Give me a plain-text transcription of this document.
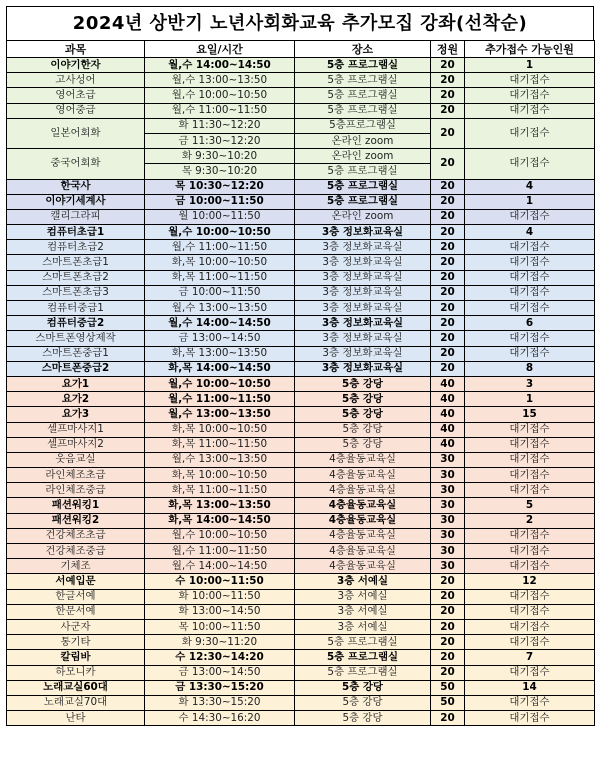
2024년 상반기 노년사회화교육 추가모집 강좌(선착순)
과목	요일/시간	장소	정원	추가접수 가능인원
이야기한자	월,수 14:00~14:50	5층 프로그램실	20	1
고사성어	월,수 13:00~13:50	5층 프로그램실	20	대기접수
영어초급	월,수 10:00~10:50	5층 프로그램실	20	대기접수
영어중급	월,수 11:00~11:50	5층 프로그램실	20	대기접수
일본어회화	화 11:30~12:20	5층프로그램실	20	대기접수
	금 11:30~12:20	온라인 zoom		
중국어회화	화 9:30~10:20	온라인 zoom	20	대기접수
	목 9:30~10:20	5층 프로그램실		
한국사	목 10:30~12:20	5층 프로그램실	20	4
이야기세계사	금 10:00~11:50	5층 프로그램실	20	1
캘리그라피	월 10:00~11:50	온라인 zoom	20	대기접수
컴퓨터초급1	월,수 10:00~10:50	3층 정보화교육실	20	4
컴퓨터초급2	월,수 11:00~11:50	3층 정보화교육실	20	대기접수
스마트폰초급1	화,목 10:00~10:50	3층 정보화교육실	20	대기접수
스마트폰초급2	화,목 11:00~11:50	3층 정보화교육실	20	대기접수
스마트폰초급3	금 10:00~11:50	3층 정보화교육실	20	대기접수
컴퓨터중급1	월,수 13:00~13:50	3층 정보화교육실	20	대기접수
컴퓨터중급2	월,수 14:00~14:50	3층 정보화교육실	20	6
스마트폰영상제작	금 13:00~14:50	3층 정보화교육실	20	대기접수
스마트폰중급1	화,목 13:00~13:50	3층 정보화교육실	20	대기접수
스마트폰중급2	화,목 14:00~14:50	3층 정보화교육실	20	8
요가1	월,수 10:00~10:50	5층 강당	40	3
요가2	월,수 11:00~11:50	5층 강당	40	1
요가3	월,수 13:00~13:50	5층 강당	40	15
셀프마사지1	화,목 10:00~10:50	5층 강당	40	대기접수
셀프마사지2	화,목 11:00~11:50	5층 강당	40	대기접수
웃음교실	월,수 13:00~13:50	4층율동교육실	30	대기접수
라인체조초급	화,목 10:00~10:50	4층율동교육실	30	대기접수
라인체조중급	화,목 11:00~11:50	4층율동교육실	30	대기접수
패션워킹1	화,목 13:00~13:50	4층율동교육실	30	5
패션워킹2	화,목 14:00~14:50	4층율동교육실	30	2
건강체조초급	월,수 10:00~10:50	4층율동교육실	30	대기접수
건강체조중급	월,수 11:00~11:50	4층율동교육실	30	대기접수
기체조	월,수 14:00~14:50	4층율동교육실	30	대기접수
서예입문	수 10:00~11:50	3층 서예실	20	12
한글서예	화 10:00~11:50	3층 서예실	20	대기접수
한문서예	화 13:00~14:50	3층 서예실	20	대기접수
사군자	목 10:00~11:50	3층 서예실	20	대기접수
통기타	화 9:30~11:20	5층 프로그램실	20	대기접수
칼림바	수 12:30~14:20	5층 프로그램실	20	7
하모니카	금 13:00~14:50	5층 프로그램실	20	대기접수
노래교실60대	금 13:30~15:20	5층 강당	50	14
노래교실70대	화 13:30~15:20	5층 강당	50	대기접수
난타	수 14:30~16:20	5층 강당	20	대기접수
